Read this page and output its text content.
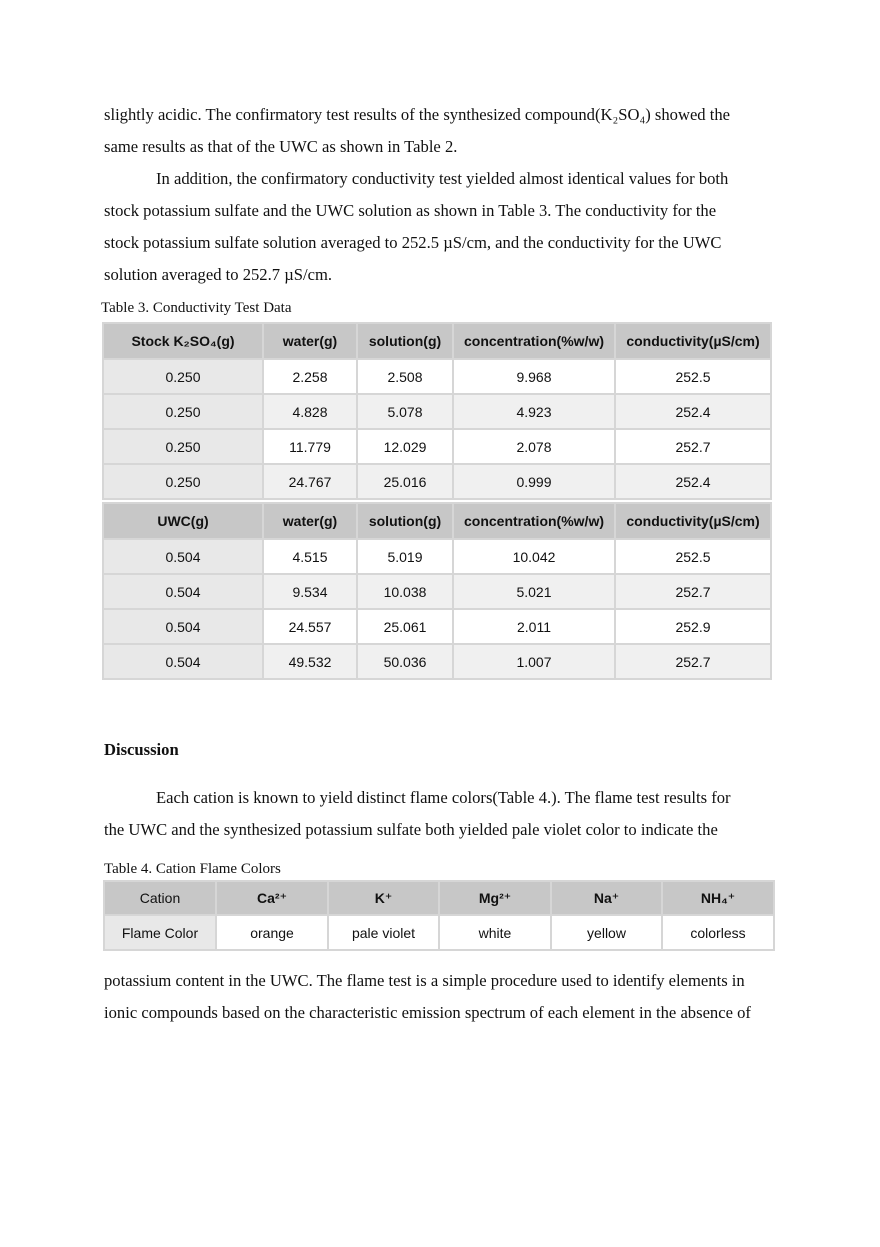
slightly acidic. The confirmatory test results of the synthesized compound(K₂SO₄) showed the
same results as that of the UWC as shown in Table 2.
In addition, the confirmatory conductivity test yielded almost identical values for both
stock potassium sulfate and the UWC solution as shown in Table 3. The conductivity for the
stock potassium sulfate solution averaged to 252.5 µS/cm, and the conductivity for the UWC
solution averaged to 252.7 µS/cm.
Table 3. Conductivity Test Data
Stock K₂SO₄(g)	water(g)	solution(g)	concentration(%w/w)	conductivity(µS/cm)
0.250	2.258	2.508	9.968	252.5
0.250	4.828	5.078	4.923	252.4
0.250	11.779	12.029	2.078	252.7
0.250	24.767	25.016	0.999	252.4
UWC(g)	water(g)	solution(g)	concentration(%w/w)	conductivity(µS/cm)
0.504	4.515	5.019	10.042	252.5
0.504	9.534	10.038	5.021	252.7
0.504	24.557	25.061	2.011	252.9
0.504	49.532	50.036	1.007	252.7
Discussion
Each cation is known to yield distinct flame colors(Table 4.). The flame test results for
the UWC and the synthesized potassium sulfate both yielded pale violet color to indicate the
Table 4. Cation Flame Colors
Cation	Ca²⁺	K⁺	Mg²⁺	Na⁺	NH₄⁺
Flame Color	orange	pale violet	white	yellow	colorless
potassium content in the UWC. The flame test is a simple procedure used to identify elements in
ionic compounds based on the characteristic emission spectrum of each element in the absence of
